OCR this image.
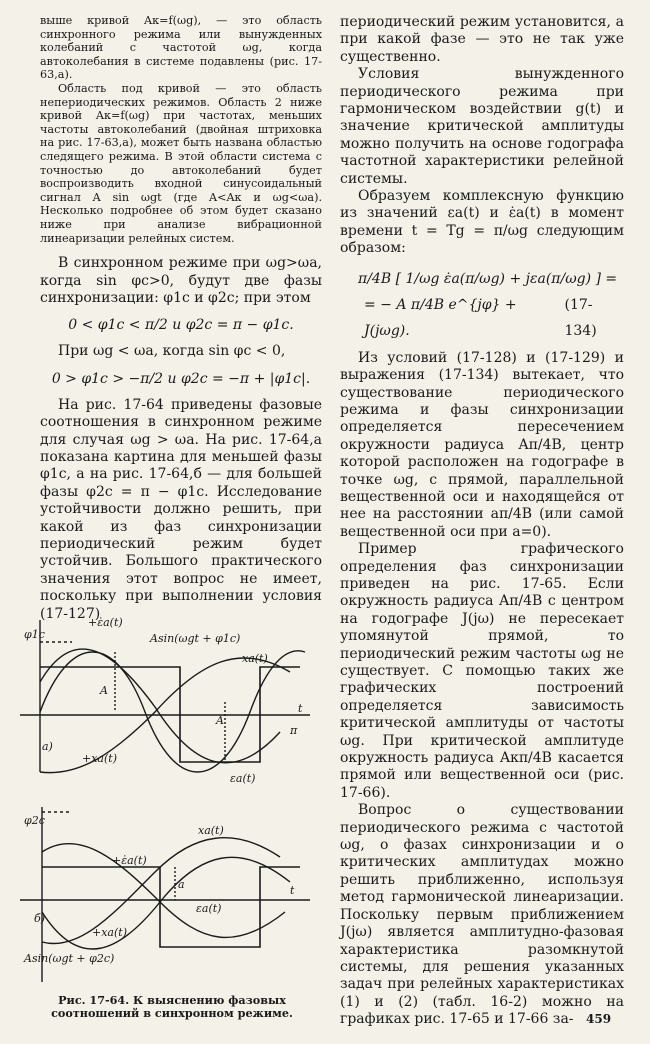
выше кривой Aк=f(ωg), — это область синхронного режима или вынужденных колебаний с частотой ωg, когда автоколебания в системе подавлены (рис. 17-63,а).

Область под кривой — это область непериодических режимов. Область 2 ниже кривой Aк=f(ωg) при частотах, меньших частоты автоколебаний (двойная штриховка на рис. 17-63,а), может быть названа областью следящего режима. В этой области система с точностью до автоколебаний будет воспроизводить входной синусоидальный сигнал A sin ωgt (где A<Aк и ωg<ωa). Несколько подробнее об этом будет сказано ниже при анализе вибрационной линеаризации релейных систем.

В синхронном режиме при ωg>ωa, когда sin φc>0, будут две фазы синхронизации: φ1c и φ2c; при этом

0 < φ1c < π/2 и φ2c = π − φ1c.

При ωg < ωa, когда sin φc < 0,

0 > φ1c > −π/2 и φ2c = −π + |φ1c|.

На рис. 17-64 приведены фазовые соотношения в синхронном режиме для случая ωg > ωa. На рис. 17-64,а показана картина для меньшей фазы φ1c, а на рис. 17-64,б — для большей фазы φ2c = π − φ1c. Исследование устойчивости должно решить, при какой из фаз синхронизации периодический режим будет устойчив. Большого практического значения этот вопрос не имеет, поскольку при выполнении условия (17-127)

периодический режим установится, а при какой фазе — это не так уже существенно.

Условия вынужденного периодического режима при гармоническом воздействии g(t) и значение критической амплитуды можно получить на основе годографа частотной характеристики релейной системы.

Образуем комплексную функцию из значений εa(t) и ε̇a(t) в момент времени t = Tg = π/ωg следующим образом:

π/4B [ 1/ωg ε̇a(π/ωg) + jεa(π/ωg) ] =
= − A π/4B e^{jφ} + J(jωg).
(17-134)

Из условий (17-128) и (17-129) и выражения (17-134) вытекает, что существование периодического режима и фазы синхронизации определяется пересечением окружности радиуса Aπ/4B, центр которой расположен на годографе в точке ωg, с прямой, параллельной вещественной оси и находящейся от нее на расстоянии aπ/4B (или самой вещественной оси при a=0).

Пример графического определения фаз синхронизации приведен на рис. 17-65. Если окружность радиуса Aπ/4B с центром на годографе J(jω) не пересекает упомянутой прямой, то периодический режим частоты ωg не существует. С помощью таких же графических построений определяется зависимость критической амплитуды от частоты ωg. При критической амплитуде окружность радиуса Aкπ/4B касается прямой или вещественной оси (рис. 17-66).

Вопрос о существовании периодического режима с частотой ωg, о фазах синхронизации и о критических амплитудах можно решить приближенно, используя метод гармонической линеаризации. Поскольку первым приближением J(jω) является амплитудно-фазовая характеристика разомкнутой системы, для решения указанных задач при релейных характеристиках (1) и (2) (табл. 16-2) можно на графиках рис. 17-65 и 17-66 за-

φ1c
+ε̇a(t)
Asin(ωgt + φ1c)
xa(t)
A
A
t
π
а)
+xa(t)
εa(t)
φ2c
xa(t)
+ε̇a(t)
a	t
εa(t)
б)
+xa(t)
Asin(ωgt + φ2c)
Рис. 17-64. К выяснению фазовых соотношений в синхронном режиме.	459
